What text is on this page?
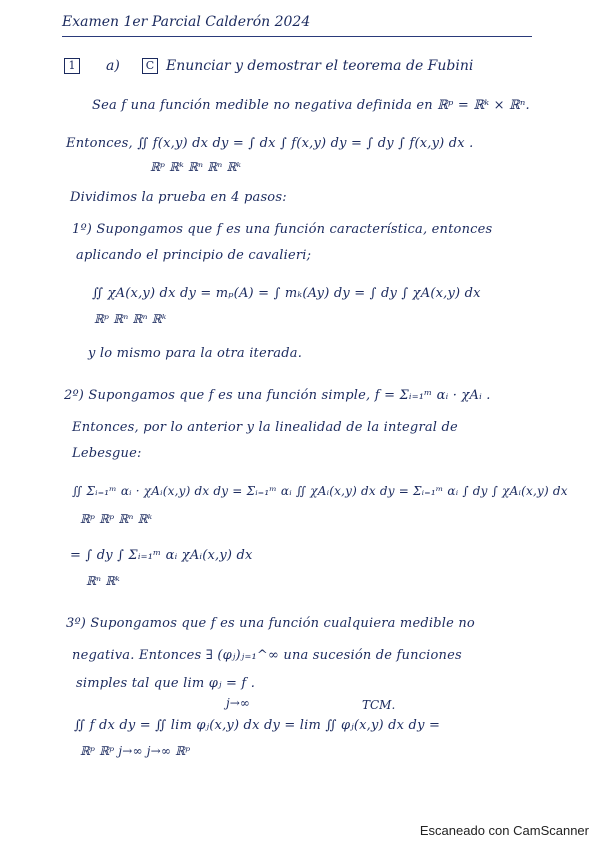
Examen 1er Parcial Calderón 2024
1	a)	C Enunciar y demostrar el teorema de Fubini
Sea f una función medible no negativa definida en ℝᵖ = ℝᵏ × ℝⁿ.
Entonces, ∬ f(x,y) dx dy = ∫ dx ∫ f(x,y) dy = ∫ dy ∫ f(x,y) dx .
ℝᵖ ℝᵏ ℝⁿ ℝⁿ ℝᵏ
Dividimos la prueba en 4 pasos:
1º) Supongamos que f es una función característica, entonces
aplicando el principio de cavalieri;
∬ χA(x,y) dx dy = mₚ(A) = ∫ mₖ(Ay) dy = ∫ dy ∫ χA(x,y) dx
ℝᵖ ℝⁿ ℝⁿ ℝᵏ
y lo mismo para la otra iterada.
2º) Supongamos que f es una función simple, f = Σᵢ₌₁ᵐ αᵢ · χAᵢ .
Entonces, por lo anterior y la linealidad de la integral de
Lebesgue:
∬ Σᵢ₌₁ᵐ αᵢ · χAᵢ(x,y) dx dy = Σᵢ₌₁ᵐ αᵢ ∬ χAᵢ(x,y) dx dy = Σᵢ₌₁ᵐ αᵢ ∫ dy ∫ χAᵢ(x,y) dx
ℝᵖ ℝᵖ ℝⁿ ℝᵏ
= ∫ dy ∫ Σᵢ₌₁ᵐ αᵢ χAᵢ(x,y) dx
ℝⁿ ℝᵏ
3º) Supongamos que f es una función cualquiera medible no
negativa. Entonces ∃ (φⱼ)ⱼ₌₁^∞ una sucesión de funciones
simples tal que lim φⱼ = f .
j→∞	TCM.
∬ f dx dy = ∬ lim φⱼ(x,y) dx dy = lim ∬ φⱼ(x,y) dx dy =
ℝᵖ ℝᵖ j→∞ j→∞ ℝᵖ
Escaneado con CamScanner
